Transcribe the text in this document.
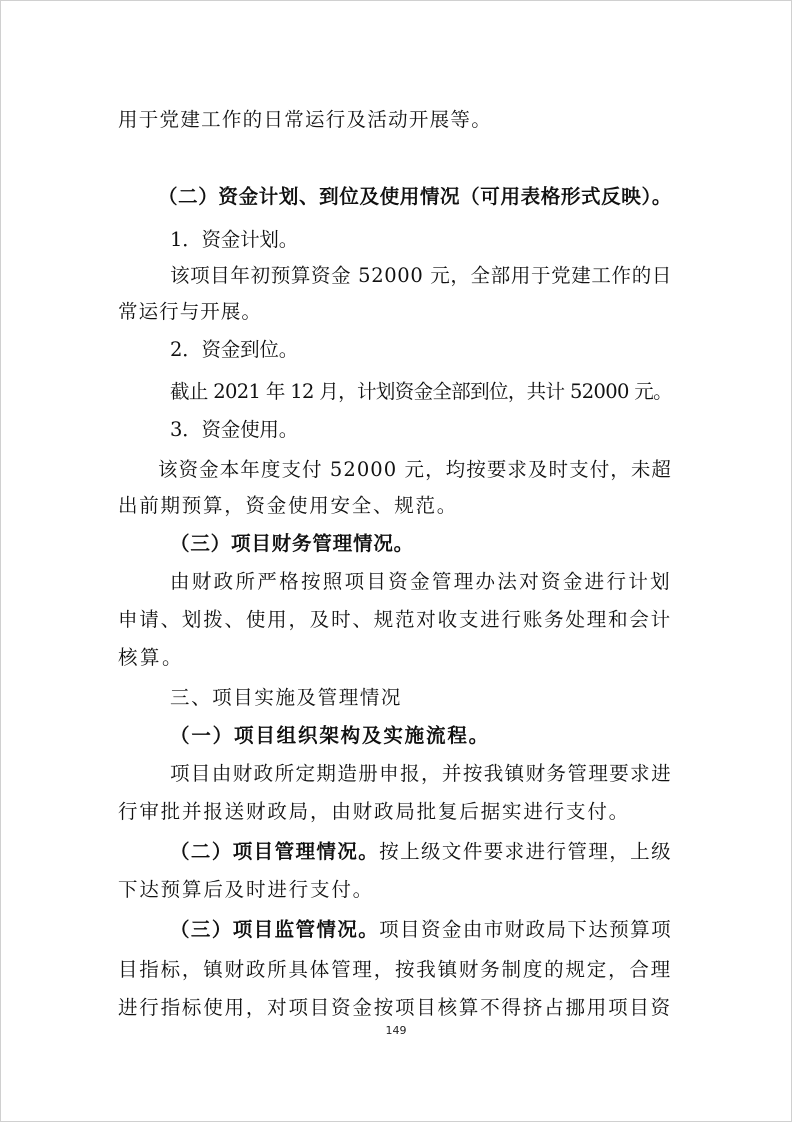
用于党建工作的日常运行及活动开展等。
（二）资金计划、到位及使用情况（可用表格形式反映）。
1．资金计划。
该项目年初预算资金 52000 元，全部用于党建工作的日
常运行与开展。
2．资金到位。
截止 2021 年 12 月，计划资金全部到位，共计 52000 元。
3．资金使用。
该资金本年度支付 52000 元，均按要求及时支付，未超
出前期预算，资金使用安全、规范。
（三）项目财务管理情况。
由财政所严格按照项目资金管理办法对资金进行计划
申请、划拨、使用，及时、规范对收支进行账务处理和会计
核算。
三、项目实施及管理情况
（一）项目组织架构及实施流程。
项目由财政所定期造册申报，并按我镇财务管理要求进
行审批并报送财政局，由财政局批复后据实进行支付。
（二）项目管理情况。按上级文件要求进行管理，上级
下达预算后及时进行支付。
（三）项目监管情况。项目资金由市财政局下达预算项
目指标，镇财政所具体管理，按我镇财务制度的规定，合理
进行指标使用，对项目资金按项目核算不得挤占挪用项目资
149
